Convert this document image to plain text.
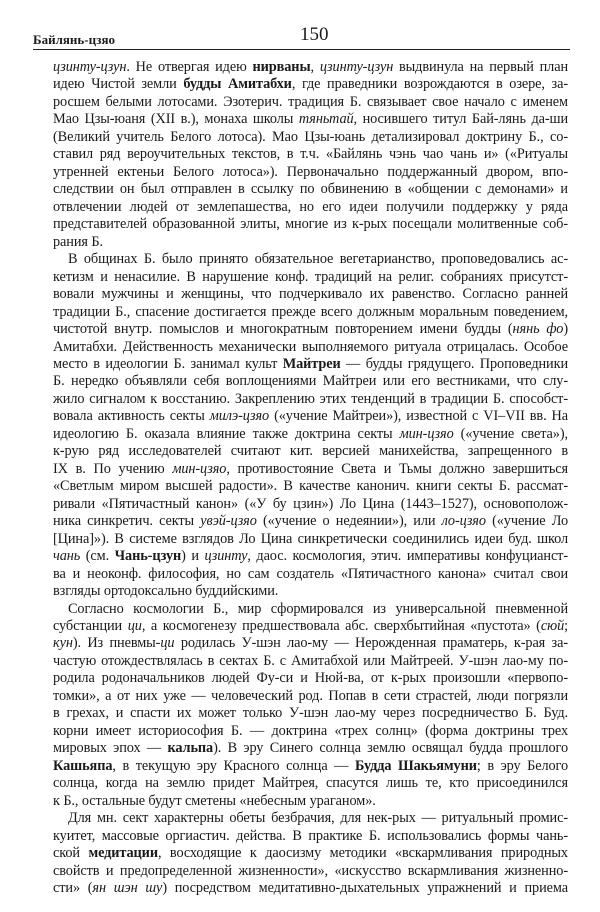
Байлянь-цзяо	150
цзинту-цзун. Не отвергая идею нирваны, цзинту-цзун выдвинула на первый план
идею Чистой земли будды Амитабхи, где праведники возрождаются в озере, за-
росшем белыми лотосами. Эзотерич. традиция Б. связывает свое начало с именем
Мао Цзы-юаня (XII в.), монаха школы тяньтай, носившего титул Бай-лянь да-ши
(Великий учитель Белого лотоса). Мао Цзы-юань детализировал доктрину Б., со-
ставил ряд вероучительных текстов, в т.ч. «Байлянь чэнь чао чань и» («Ритуалы
утренней ектеньи Белого лотоса»). Первоначально поддержанный двором, впо-
следствии он был отправлен в ссылку по обвинению в «общении с демонами» и
отвлечении людей от землепашества, но его идеи получили поддержку у ряда
представителей образованной элиты, многие из к-рых посещали молитвенные соб-
рания Б.
В общинах Б. было принято обязательное вегетарианство, проповедовались ас-
кетизм и ненасилие. В нарушение конф. традиций на религ. собраниях присутст-
вовали мужчины и женщины, что подчеркивало их равенство. Согласно ранней
традиции Б., спасение достигается прежде всего должным моральным поведением,
чистотой внутр. помыслов и многократным повторением имени будды (нянь фо)
Амитабхи. Действенность механически выполняемого ритуала отрицалась. Особое
место в идеологии Б. занимал культ Майтреи — будды грядущего. Проповедники
Б. нередко объявляли себя воплощениями Майтреи или его вестниками, что слу-
жило сигналом к восстанию. Закреплению этих тенденций в традиции Б. способст-
вовала активность секты милэ-цзяо («учение Майтреи»), известной с VI–VII вв. На
идеологию Б. оказала влияние также доктрина секты мин-цзяо («учение света»),
к-рую ряд исследователей считают кит. версией манихейства, запрещенного в
IX в. По учению мин-цзяо, противостояние Света и Тьмы должно завершиться
«Светлым миром высшей радости». В качестве канонич. книги секты Б. рассмат-
ривали «Пятичастный канон» («У бу цзин») Ло Цина (1443–1527), основополож-
ника синкретич. секты увэй-цзяо («учение о недеянии»), или ло-цзяо («учение Ло
[Цина]»). В системе взглядов Ло Цина синкретически соединились идеи буд. школ
чань (см. Чань-цзун) и цзинту, даос. космология, этич. императивы конфуцианст-
ва и неоконф. философия, но сам создатель «Пятичастного канона» считал свои
взгляды ортодоксально буддийскими.
Согласно космологии Б., мир сформировался из универсальной пневменной
субстанции ци, а космогенезу предшествовала абс. сверхбытийная «пустота» (сюй;
кун). Из пневмы-ци родилась У-шэн лао-му — Нерожденная праматерь, к-рая за-
частую отождествлялась в сектах Б. с Амитабхой или Майтреей. У-шэн лао-му по-
родила родоначальников людей Фу-си и Нюй-ва, от к-рых произошли «первопо-
томки», а от них уже — человеческий род. Попав в сети страстей, люди погрязли
в грехах, и спасти их может только У-шэн лао-му через посредничество Б. Буд.
корни имеет историософия Б. — доктрина «трех солнц» (форма доктрины трех
мировых эпох — кальпа). В эру Синего солнца землю освящал будда прошлого
Кашьяпа, в текущую эру Красного солнца — Будда Шакьямуни; в эру Белого
солнца, когда на землю придет Майтрея, спасутся лишь те, кто присоединился
к Б., остальные будут сметены «небесным ураганом».
Для мн. сект характерны обеты безбрачия, для нек-рых — ритуальный промис-
куитет, массовые оргиастич. действа. В практике Б. использовались формы чань-
ской медитации, восходящие к даосизму методики «вскармливания природных
свойств и предопределенной жизненности», «искусство вскармливания жизненно-
сти» (ян шэн шу) посредством медитативно-дыхательных упражнений и приема
